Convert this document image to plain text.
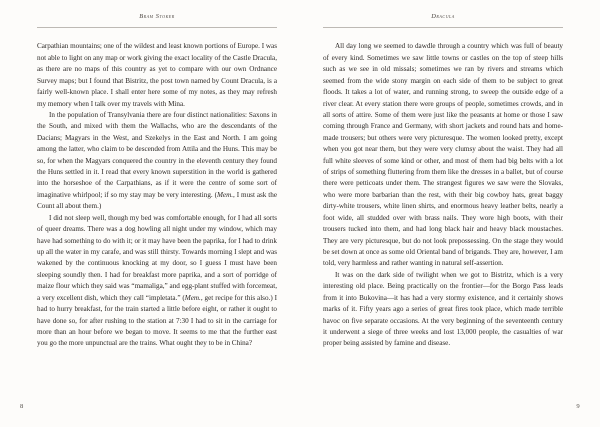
Bram Stoker

Carpathian mountains; one of the wildest and least known portions of Europe. I was not able to light on any map or work giving the exact locality of the Castle Dracula, as there are no maps of this country as yet to compare with our own Ordnance Survey maps; but I found that Bistritz, the post town named by Count Dracula, is a fairly well-known place. I shall enter here some of my notes, as they may refresh my memory when I talk over my travels with Mina.

In the population of Transylvania there are four distinct nationalities: Saxons in the South, and mixed with them the Wallachs, who are the descendants of the Dacians; Magyars in the West, and Szekelys in the East and North. I am going among the latter, who claim to be descended from Attila and the Huns. This may be so, for when the Magyars conquered the country in the eleventh century they found the Huns settled in it. I read that every known superstition in the world is gathered into the horseshoe of the Carpathians, as if it were the centre of some sort of imaginative whirlpool; if so my stay may be very interesting. (Mem., I must ask the Count all about them.)

I did not sleep well, though my bed was comfortable enough, for I had all sorts of queer dreams. There was a dog howling all night under my window, which may have had something to do with it; or it may have been the paprika, for I had to drink up all the water in my carafe, and was still thirsty. Towards morning I slept and was wakened by the continuous knocking at my door, so I guess I must have been sleeping soundly then. I had for breakfast more paprika, and a sort of porridge of maize flour which they said was “mamaliga,” and egg-plant stuffed with forcemeat, a very excellent dish, which they call “impletata.” (Mem., get recipe for this also.) I had to hurry breakfast, for the train started a little before eight, or rather it ought to have done so, for after rushing to the station at 7:30 I had to sit in the carriage for more than an hour before we began to move. It seems to me that the further east you go the more unpunctual are the trains. What ought they to be in China?

8
Dracula

All day long we seemed to dawdle through a country which was full of beauty of every kind. Sometimes we saw little towns or castles on the top of steep hills such as we see in old missals; sometimes we ran by rivers and streams which seemed from the wide stony margin on each side of them to be subject to great floods. It takes a lot of water, and running strong, to sweep the outside edge of a river clear. At every station there were groups of people, sometimes crowds, and in all sorts of attire. Some of them were just like the peasants at home or those I saw coming through France and Germany, with short jackets and round hats and home-made trousers; but others were very picturesque. The women looked pretty, except when you got near them, but they were very clumsy about the waist. They had all full white sleeves of some kind or other, and most of them had big belts with a lot of strips of something fluttering from them like the dresses in a ballet, but of course there were petticoats under them. The strangest figures we saw were the Slovaks, who were more barbarian than the rest, with their big cowboy hats, great baggy dirty-white trousers, white linen shirts, and enormous heavy leather belts, nearly a foot wide, all studded over with brass nails. They wore high boots, with their trousers tucked into them, and had long black hair and heavy black moustaches. They are very picturesque, but do not look prepossessing. On the stage they would be set down at once as some old Oriental band of brigands. They are, however, I am told, very harmless and rather wanting in natural self-assertion.

It was on the dark side of twilight when we got to Bistritz, which is a very interesting old place. Being practically on the frontier—for the Borgo Pass leads from it into Bukovina—it has had a very stormy existence, and it certainly shows marks of it. Fifty years ago a series of great fires took place, which made terrible havoc on five separate occasions. At the very beginning of the seventeenth century it underwent a siege of three weeks and lost 13,000 people, the casualties of war proper being assisted by famine and disease.

9
